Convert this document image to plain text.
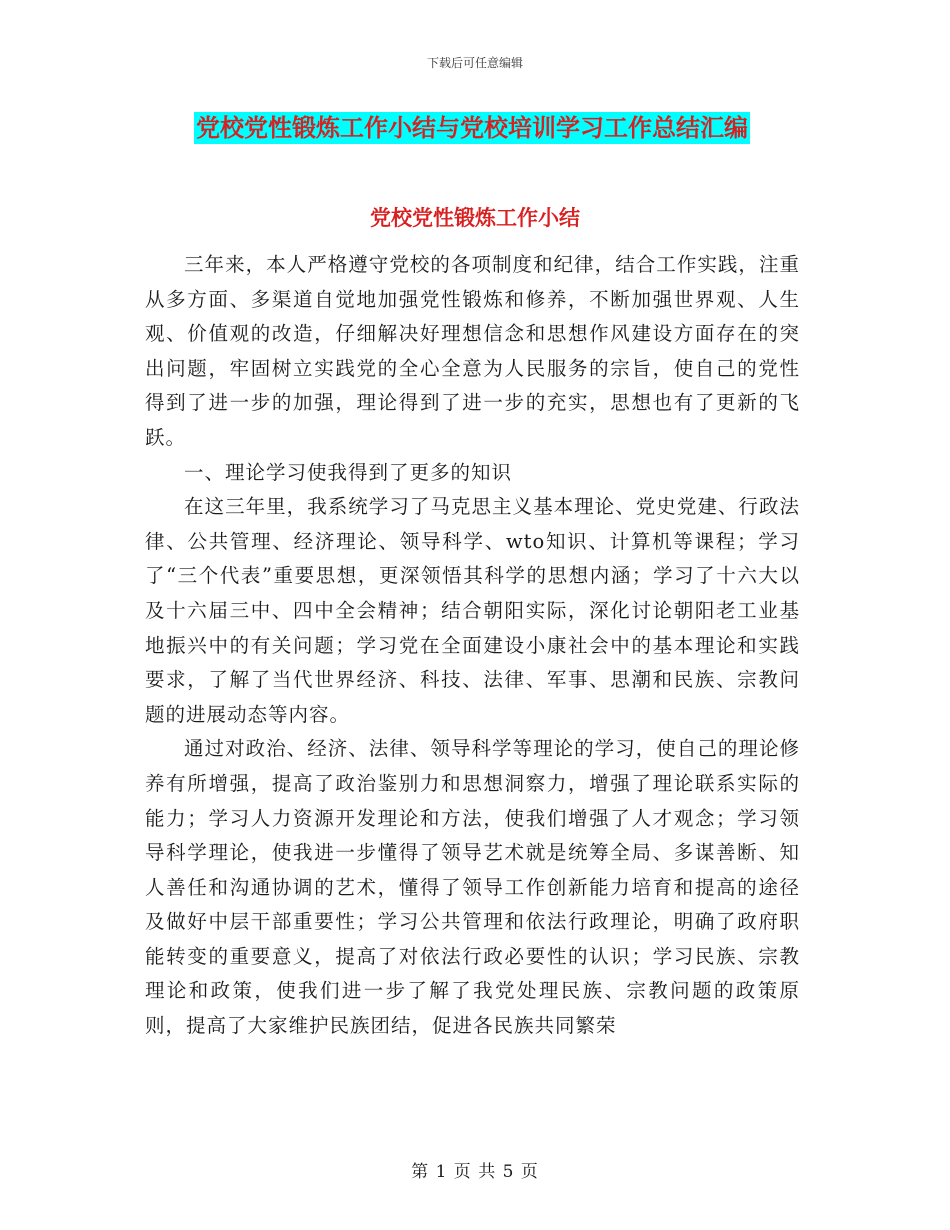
下载后可任意编辑
党校党性锻炼工作小结与党校培训学习工作总结汇编
党校党性锻炼工作小结

三年来，本人严格遵守党校的各项制度和纪律，结合工作实践，注重从多方面、多渠道自觉地加强党性锻炼和修养，不断加强世界观、人生观、价值观的改造，仔细解决好理想信念和思想作风建设方面存在的突出问题，牢固树立实践党的全心全意为人民服务的宗旨，使自己的党性得到了进一步的加强，理论得到了进一步的充实，思想也有了更新的飞跃。

一、理论学习使我得到了更多的知识

在这三年里，我系统学习了马克思主义基本理论、党史党建、行政法律、公共管理、经济理论、领导科学、wto知识、计算机等课程；学习了“三个代表”重要思想，更深领悟其科学的思想内涵；学习了十六大以及十六届三中、四中全会精神；结合朝阳实际，深化讨论朝阳老工业基地振兴中的有关问题；学习党在全面建设小康社会中的基本理论和实践要求，了解了当代世界经济、科技、法律、军事、思潮和民族、宗教问题的进展动态等内容。

通过对政治、经济、法律、领导科学等理论的学习，使自己的理论修养有所增强，提高了政治鉴别力和思想洞察力，增强了理论联系实际的能力；学习人力资源开发理论和方法，使我们增强了人才观念；学习领导科学理论，使我进一步懂得了领导艺术就是统筹全局、多谋善断、知人善任和沟通协调的艺术，懂得了领导工作创新能力培育和提高的途径及做好中层干部重要性；学习公共管理和依法行政理论，明确了政府职能转变的重要意义，提高了对依法行政必要性的认识；学习民族、宗教理论和政策，使我们进一步了解了我党处理民族、宗教问题的政策原则，提高了大家维护民族团结，促进各民族共同繁荣

第 1 页 共 5 页
